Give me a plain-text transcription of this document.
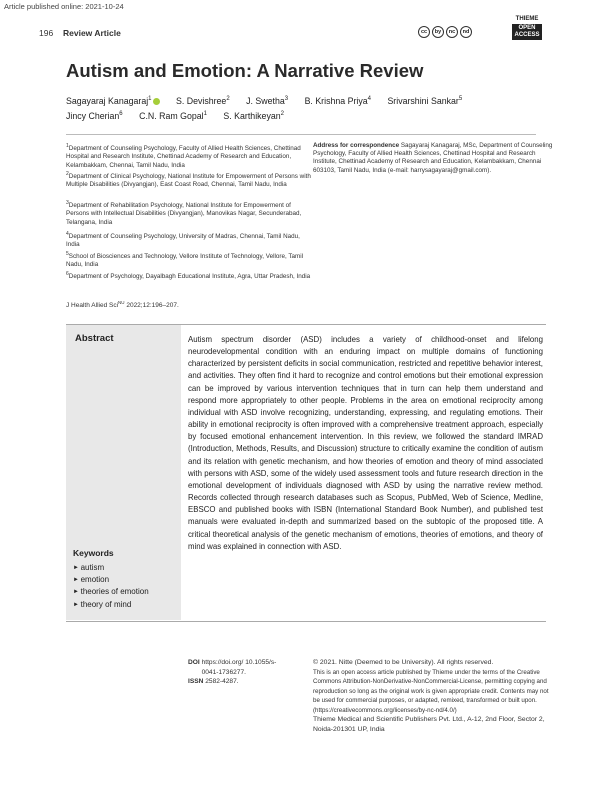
Article published online: 2021-10-24
196 Review Article	cc	by	nc	nd
THIEME
OPEN
ACCESS
Autism and Emotion: A Narrative Review
Sagayaraj Kanagaraj$^1$	S. Devishree$^2$ J. Swetha$^3$ B. Krishna Priya$^4$ Srivarshini Sankar$^5$
Jincy Cherian$^6$ C.N. Ram Gopal$^1$ S. Karthikeyan$^2$
$^1$Department of Counseling Psychology, Faculty of Allied Health Sciences, Chettinad Hospital and Research Institute, Chettinad Academy of Research and Education, Kelambakkam, Chennai, Tamil Nadu, India
$^2$Department of Clinical Psychology, National Institute for Empowerment of Persons with Multiple Disabilities (Divyangjan), East Coast Road, Chennai, Tamil Nadu, India
$^3$Department of Rehabilitation Psychology, National Institute for Empowerment of Persons with Intellectual Disabilities (Divyangjan), Manovikas Nagar, Secunderabad, Telangana, India
$^4$Department of Counseling Psychology, University of Madras, Chennai, Tamil Nadu, India
$^5$School of Biosciences and Technology, Vellore Institute of Technology, Vellore, Tamil Nadu, India
$^6$Department of Psychology, Dayalbagh Educational Institute, Agra, Uttar Pradesh, India
Address for correspondence Sagayaraj Kanagaraj, MSc, Department of Counseling Psychology, Faculty of Allied Health Sciences, Chettinad Hospital and Research Institute, Chettinad Academy of Research and Education, Kelambakkam, Chennai 603103, Tamil Nadu, India (e-mail: harrysagayaraj@gmail.com).
J Health Allied Sci$^{NU}$ 2022;12:196–207.
Abstract	Autism spectrum disorder (ASD) includes a variety of childhood-onset and lifelong neurodevelopmental condition with an enduring impact on multiple domains of functioning characterized by persistent deficits in social communication, restricted and repetitive behavior interest, and activities. They often find it hard to recognize and control emotions but their emotional expression can be improved by various intervention techniques that in turn can help them understand and respond more appropriately to other people. Problems in the area on emotional reciprocity among individual with ASD involve recognizing, understanding, expressing, and regulating emotions. Their ability in emotional reciprocity is often improved with a comprehensive treatment approach, especially by focused emotional enhancement intervention. In this review, we followed the standard IMRAD (Introduction, Methods, Results, and Discussion) structure to critically examine the condition of autism and its relation with genetic mechanism, and how theories of emotion and theory of mind associated with persons with ASD, some of the widely used assessment tools and future research direction in the emotional development of individuals diagnosed with ASD by using the narrative review method. Records collected through research databases such as Scopus, PubMed, Web of Science, Medline, EBSCO and published books with ISBN (International Standard Book Number), and published test manuals were evaluated in-depth and summarized based on the subtopic of the proposed title. A critical theoretical analysis of the genetic mechanism of emotions, theories of emotions, and theory of mind was explained in connection with ASD.
Keywords
► autism
► emotion
► theories of emotion
► theory of mind
DOI https://doi.org/ 10.1055/s-0041-1736277.
ISSN 2582-4287.
© 2021. Nitte (Deemed to be University). All rights reserved.
This is an open access article published by Thieme under the terms of the Creative Commons Attribution-NonDerivative-NonCommercial-License, permitting copying and reproduction so long as the original work is given appropriate credit. Contents may not be used for commercial purposes, or adapted, remixed, transformed or built upon. (https://creativecommons.org/licenses/by-nc-nd/4.0/)
Thieme Medical and Scientific Publishers Pvt. Ltd., A-12, 2nd Floor, Sector 2, Noida-201301 UP, India
